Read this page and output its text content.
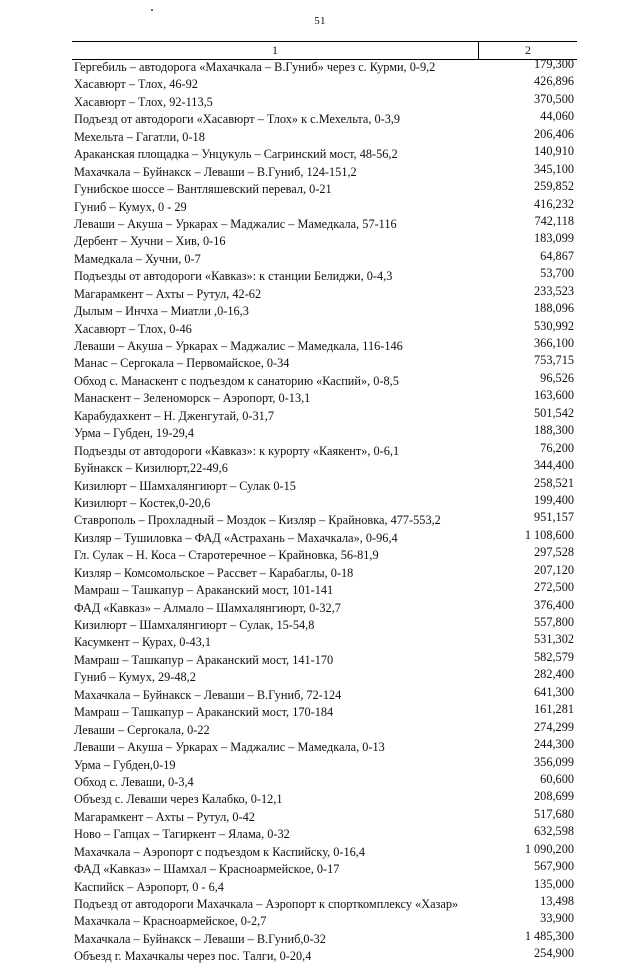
51
1	2
Гергебиль – автодорога «Махачкала – В.Гуниб» через с. Курми, 0-9,2	179,300
Хасавюрт – Тлох, 46-92	426,896
Хасавюрт – Тлох, 92-113,5	370,500
Подъезд от автодороги «Хасавюрт – Тлох» к с.Мехельта, 0-3,9	44,060
Мехельта – Гагатли, 0-18	206,406
Араканская площадка – Унцукуль – Сагринский мост, 48-56,2	140,910
Махачкала – Буйнакск – Леваши – В.Гуниб, 124-151,2	345,100
Гунибское шоссе – Вантляшевский перевал, 0-21	259,852
Гуниб – Кумух, 0 - 29	416,232
Леваши – Акуша – Уркарах – Маджалис – Мамедкала, 57-116	742,118
Дербент – Хучни – Хив, 0-16	183,099
Мамедкала – Хучни, 0-7	64,867
Подъезды от автодороги «Кавказ»: к станции Белиджи, 0-4,3	53,700
Магарамкент – Ахты – Рутул, 42-62	233,523
Дылым – Инчха – Миатли ,0-16,3	188,096
Хасавюрт – Тлох, 0-46	530,992
Леваши – Акуша – Уркарах – Маджалис – Мамедкала, 116-146	366,100
Манас – Сергокала – Первомайское, 0-34	753,715
Обход с. Манаскент с подъездом к санаторию «Каспий», 0-8,5	96,526
Манаскент – Зеленоморск – Аэропорт, 0-13,1	163,600
Карабудахкент – Н. Дженгутай, 0-31,7	501,542
Урма – Губден, 19-29,4	188,300
Подъезды от автодороги «Кавказ»: к курорту «Каякент», 0-6,1	76,200
Буйнакск – Кизилюрт,22-49,6	344,400
Кизилюрт – Шамхалянгиюрт – Сулак 0-15	258,521
Кизилюрт – Костек,0-20,6	199,400
Ставрополь – Прохладный – Моздок – Кизляр – Крайновка, 477-553,2	951,157
Кизляр – Тушиловка – ФАД «Астрахань – Махачкала», 0-96,4	1 108,600
Гл. Сулак – Н. Коса – Старотеречное – Крайновка, 56-81,9	297,528
Кизляр – Комсомольское – Рассвет – Карабаглы, 0-18	207,120
Мамраш – Ташкапур – Араканский мост, 101-141	272,500
ФАД «Кавказ» – Алмало – Шамхалянгиюрт, 0-32,7	376,400
Кизилюрт – Шамхалянгиюрт – Сулак, 15-54,8	557,800
Касумкент – Курах, 0-43,1	531,302
Мамраш – Ташкапур – Араканский мост, 141-170	582,579
Гуниб – Кумух, 29-48,2	282,400
Махачкала – Буйнакск – Леваши – В.Гуниб, 72-124	641,300
Мамраш – Ташкапур – Араканский мост, 170-184	161,281
Леваши – Сергокала, 0-22	274,299
Леваши – Акуша – Уркарах – Маджалис – Мамедкала, 0-13	244,300
Урма – Губден,0-19	356,099
Обход с. Леваши, 0-3,4	60,600
Объезд с. Леваши через Калабко, 0-12,1	208,699
Магарамкент – Ахты – Рутул, 0-42	517,680
Ново – Гапцах – Тагиркент – Ялама, 0-32	632,598
Махачкала – Аэропорт с подъездом к Каспийску, 0-16,4	1 090,200
ФАД «Кавказ» – Шамхал – Красноармейское, 0-17	567,900
Каспийск – Аэропорт, 0 - 6,4	135,000
Подъезд от автодороги Махачкала – Аэропорт к спорткомплексу «Хазар»	13,498
Махачкала – Красноармейское, 0-2,7	33,900
Махачкала – Буйнакск – Леваши – В.Гуниб,0-32	1 485,300
Объезд г. Махачкалы через пос. Талги, 0-20,4	254,900
